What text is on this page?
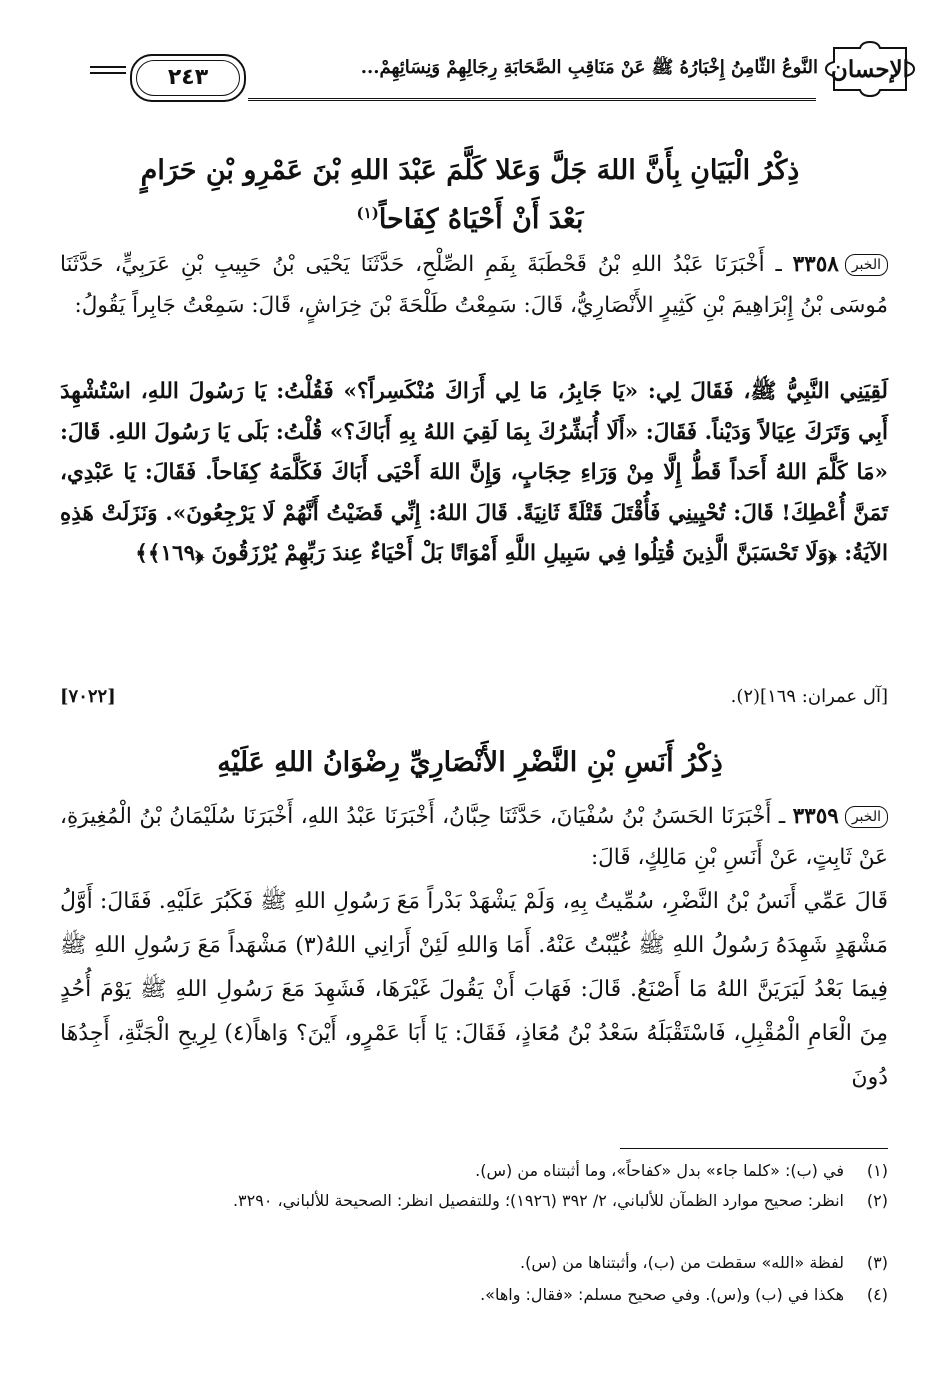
٢٤٣	النَّوعُ الثَّامِنُ إِخْبَارُهُ ﷺ عَنْ مَنَاقِبِ الصَّحَابَةِ رِجَالِهِمْ وَنِسَائِهِمْ... الإحسان
ذِكْرُ الْبَيَانِ بِأَنَّ اللهَ جَلَّ وَعَلا كَلَّمَ عَبْدَ اللهِ بْنَ عَمْرِو بْنِ حَرَامٍ
بَعْدَ أَنْ أَحْيَاهُ كِفَاحاً$^{(١)}$
الخبر٣٣٥٨ ـ أَخْبَرَنَا عَبْدُ اللهِ بْنُ قَحْطَبَةَ بِفَمِ الصِّلْحِ، حَدَّثَنَا يَحْيَى بْنُ حَبِيبِ بْنِ عَرَبِيٍّ، حَدَّثَنَا مُوسَى بْنُ إِبْرَاهِيمَ بْنِ كَثِيرٍ الأَنْصَارِيُّ، قَالَ: سَمِعْتُ طَلْحَةَ بْنَ خِرَاشٍ، قَالَ: سَمِعْتُ جَابِراً يَقُولُ:
لَقِيَنِي النَّبِيُّ ﷺ، فَقَالَ لِي: «يَا جَابِرُ، مَا لِي أَرَاكَ مُنْكَسِراً؟» فَقُلْتُ: يَا رَسُولَ اللهِ، اسْتُشْهِدَ أَبِي وَتَرَكَ عِيَالاً وَدَيْناً. فَقَالَ: «أَلَا أُبَشِّرُكَ بِمَا لَقِيَ اللهُ بِهِ أَبَاكَ؟» قُلْتُ: بَلَى يَا رَسُولَ اللهِ. قَالَ: «مَا كَلَّمَ اللهُ أَحَداً قَطُّ إِلَّا مِنْ وَرَاءِ حِجَابٍ، وَإِنَّ اللهَ أَحْيَى أَبَاكَ فَكَلَّمَهُ كِفَاحاً. فَقَالَ: يَا عَبْدِي، تَمَنَّ أُعْطِكَ! قَالَ: تُحْيِينِي فَأُقْتَلَ قَتْلَةً ثَانِيَةً. قَالَ اللهُ: إِنِّي قَضَيْتُ أَنَّهُمْ لَا يَرْجِعُونَ». وَنَزَلَتْ هَذِهِ الآيَةُ: ﴿وَلَا تَحْسَبَنَّ الَّذِينَ قُتِلُوا فِي سَبِيلِ اللَّهِ أَمْوَاتًا بَلْ أَحْيَاءٌ عِندَ رَبِّهِمْ يُرْزَقُونَ ﴿١٦٩﴾﴾
[آل عمران: ١٦٩](٢).
[٧٠٢٢]
ذِكْرُ أَنَسِ بْنِ النَّضْرِ الأَنْصَارِيِّ رِضْوَانُ اللهِ عَلَيْهِ
الخبر٣٣٥٩ ـ أَخْبَرَنَا الحَسَنُ بْنُ سُفْيَانَ، حَدَّثَنَا حِبَّانُ، أَخْبَرَنَا عَبْدُ اللهِ، أَخْبَرَنَا سُلَيْمَانُ بْنُ الْمُغِيرَةِ، عَنْ ثَابِتٍ، عَنْ أَنَسِ بْنِ مَالِكٍ، قَالَ:
قَالَ عَمِّي أَنَسُ بْنُ النَّضْرِ، سُمِّيتُ بِهِ، وَلَمْ يَشْهَدْ بَدْراً مَعَ رَسُولِ اللهِ ﷺ فَكَبُرَ عَلَيْهِ. فَقَالَ: أَوَّلُ مَشْهَدٍ شَهِدَهُ رَسُولُ اللهِ ﷺ غُيِّبْتُ عَنْهُ. أَمَا وَاللهِ لَئِنْ أَرَانِي اللهُ(٣) مَشْهَداً مَعَ رَسُولِ اللهِ ﷺ فِيمَا بَعْدُ لَيَرَيَنَّ اللهُ مَا أَصْنَعُ. قَالَ: فَهَابَ أَنْ يَقُولَ غَيْرَهَا، فَشَهِدَ مَعَ رَسُولِ اللهِ ﷺ يَوْمَ أُحُدٍ مِنَ الْعَامِ الْمُقْبِلِ، فَاسْتَقْبَلَهُ سَعْدُ بْنُ مُعَاذٍ، فَقَالَ: يَا أَبَا عَمْرٍو، أَيْنَ؟ وَاهاً(٤) لِرِيحِ الْجَنَّةِ، أَجِدُهَا دُونَ
(١)في (ب): «كلما جاء» بدل «كفاحاً»، وما أثبتناه من (س).
(٢)انظر: صحيح موارد الظمآن للألباني، ٢/ ٣٩٢ (١٩٢٦)؛ وللتفصيل انظر: الصحيحة للألباني، ٣٢٩٠.
(٣)لفظة «الله» سقطت من (ب)، وأثبتناها من (س).
(٤)هكذا في (ب) و(س). وفي صحيح مسلم: «فقال: واها».
